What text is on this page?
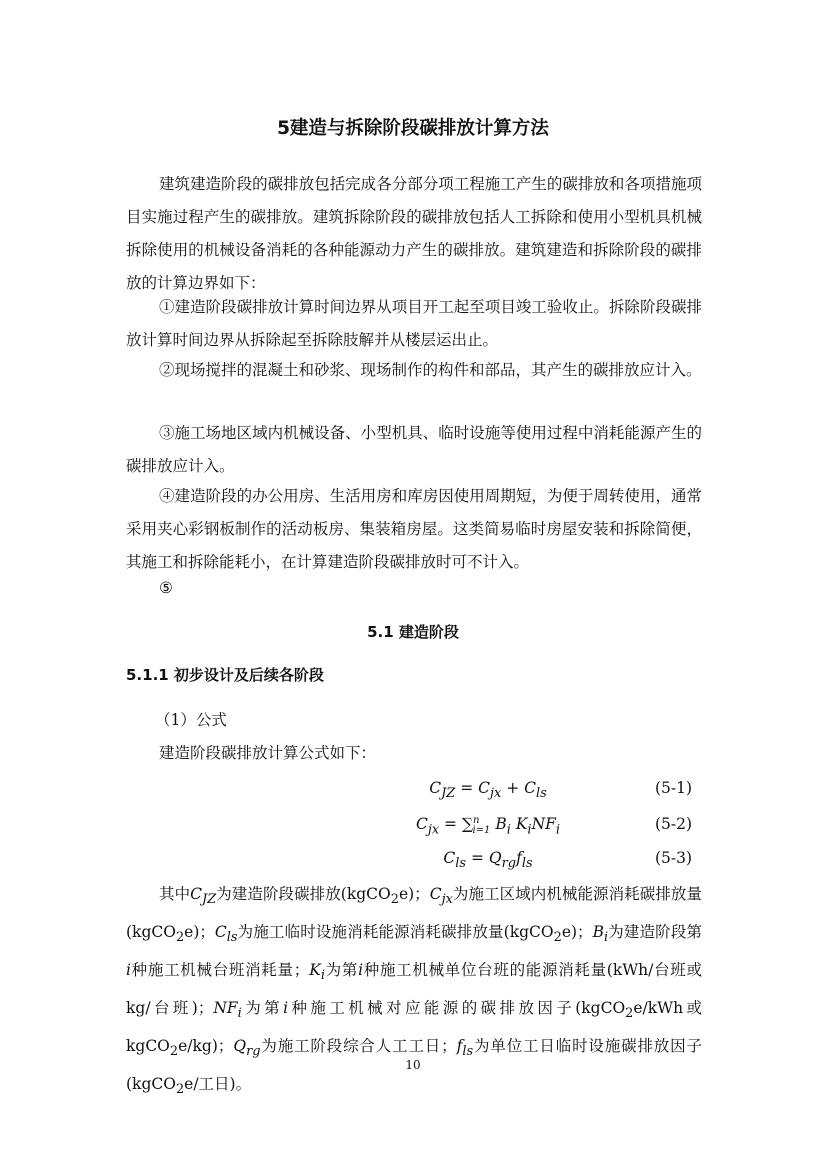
5建造与拆除阶段碳排放计算方法

建筑建造阶段的碳排放包括完成各分部分项工程施工产生的碳排放和各项措施项目实施过程产生的碳排放。建筑拆除阶段的碳排放包括人工拆除和使用小型机具机械拆除使用的机械设备消耗的各种能源动力产生的碳排放。建筑建造和拆除阶段的碳排放的计算边界如下：

①建造阶段碳排放计算时间边界从项目开工起至项目竣工验收止。拆除阶段碳排放计算时间边界从拆除起至拆除肢解并从楼层运出止。

②现场搅拌的混凝土和砂浆、现场制作的构件和部品，其产生的碳排放应计入。

③施工场地区域内机械设备、小型机具、临时设施等使用过程中消耗能源产生的碳排放应计入。

④建造阶段的办公用房、生活用房和库房因使用周期短，为便于周转使用，通常采用夹心彩钢板制作的活动板房、集装箱房屋。这类简易临时房屋安装和拆除简便，其施工和拆除能耗小，在计算建造阶段碳排放时可不计入。

⑤

5.1 建造阶段
5.1.1 初步设计及后续各阶段
（1）公式
建造阶段碳排放计算公式如下：
$C_{JZ} = C_{jx} + C_{ls}$	(5-1)
$C_{jx} = \sum^n_{i=1}$ $B_i$ $K_iNF_i$	(5-2)
$C_{ls} = Q_{rg}f_{ls}$	(5-3)

其中$C_{JZ}$为建造阶段碳排放(kgCO$_2$e)；$C_{jx}$为施工区域内机械能源消耗碳排放量(kgCO$_2$e)；$C_{ls}$为施工临时设施消耗能源消耗碳排放量(kgCO$_2$e)；$B_i$为建造阶段第i种施工机械台班消耗量；$K_i$为第i种施工机械单位台班的能源消耗量(kWh/台班或kg/台班)；$NF_i$为第i种施工机械对应能源的碳排放因子(kgCO$_2$e/kWh或kgCO$_2$e/kg)；$Q_{rg}$为施工阶段综合人工工日；$f_{ls}$为单位工日临时设施碳排放因子(kgCO$_2$e/工日)。

10
